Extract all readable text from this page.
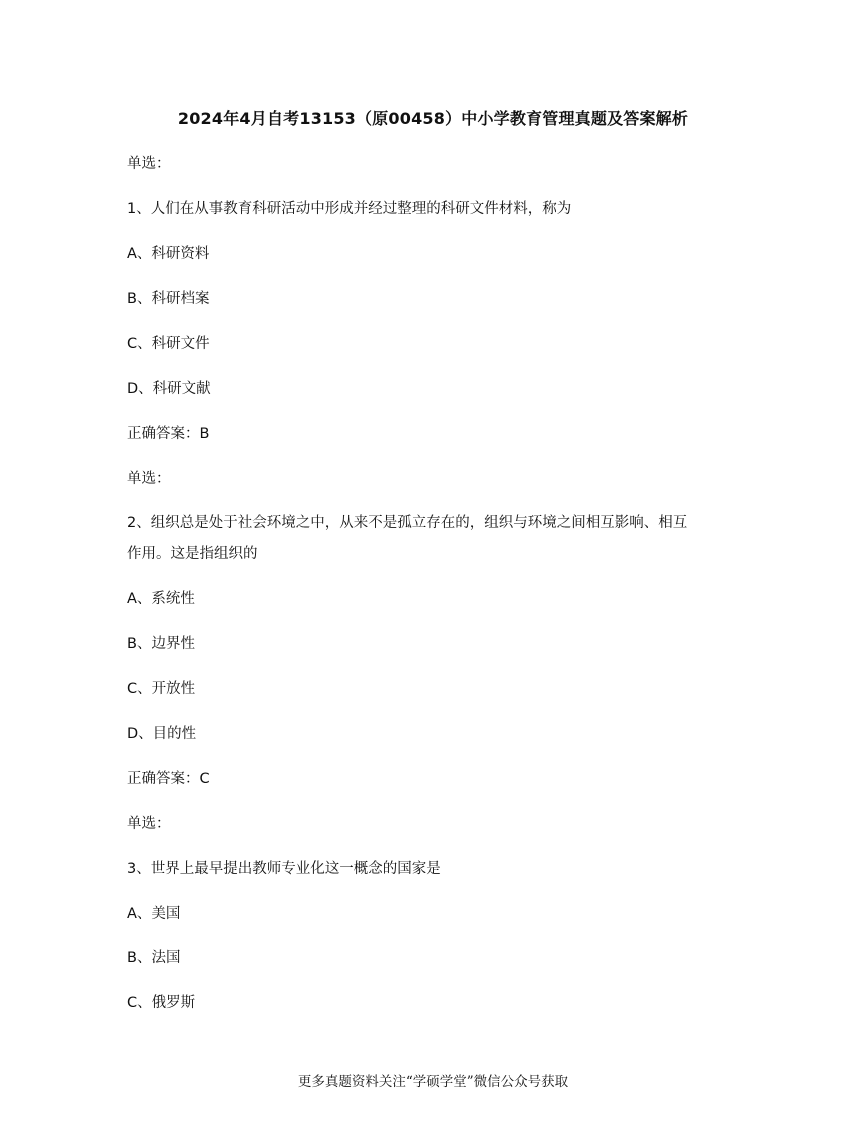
2024年4月自考13153（原00458）中小学教育管理真题及答案解析
单选：
1、人们在从事教育科研活动中形成并经过整理的科研文件材料，称为
A、科研资料
B、科研档案
C、科研文件
D、科研文献
正确答案：B
单选：
2、组织总是处于社会环境之中，从来不是孤立存在的，组织与环境之间相互影响、相互
作用。这是指组织的
A、系统性
B、边界性
C、开放性
D、目的性
正确答案：C
单选：
3、世界上最早提出教师专业化这一概念的国家是
A、美国
B、法国
C、俄罗斯
更多真题资料关注“学硕学堂”微信公众号获取
